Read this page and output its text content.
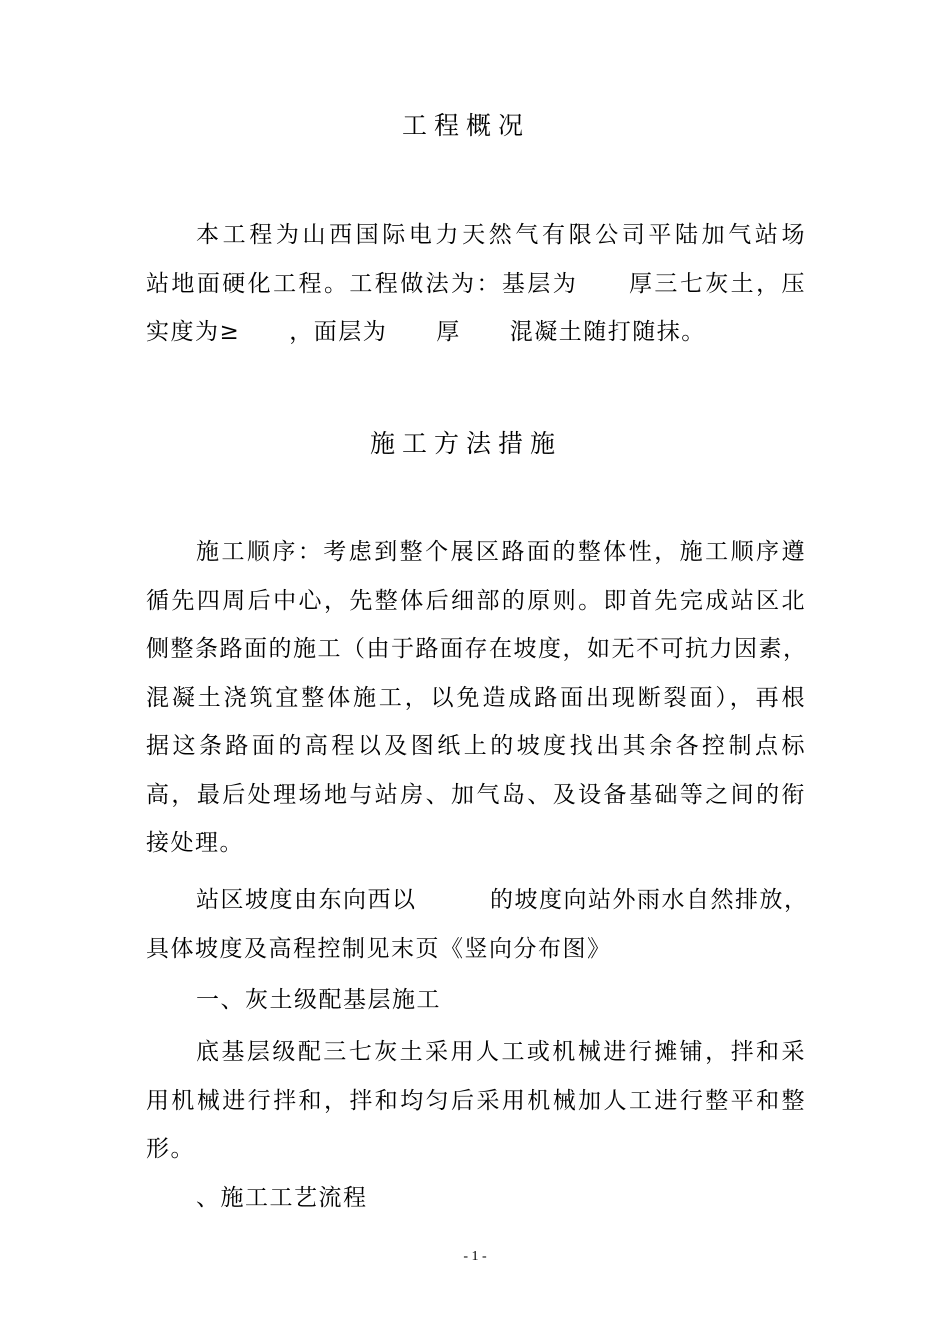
工程概况

本工程为山西国际电力天然气有限公司平陆加气站场
站地面硬化工程。工程做法为：基层为　　厚三七灰土，压
实度为≥　　，面层为　　厚　　混凝土随打随抹。

施工方法措施

施工顺序：考虑到整个展区路面的整体性，施工顺序遵
循先四周后中心，先整体后细部的原则。即首先完成站区北
侧整条路面的施工（由于路面存在坡度，如无不可抗力因素，
混凝土浇筑宜整体施工，以免造成路面出现断裂面），再根
据这条路面的高程以及图纸上的坡度找出其余各控制点标
高，最后处理场地与站房、加气岛、及设备基础等之间的衔
接处理。

站区坡度由东向西以　　　的坡度向站外雨水自然排放，
具体坡度及高程控制见末页《竖向分布图》

一、灰土级配基层施工

底基层级配三七灰土采用人工或机械进行摊铺，拌和采
用机械进行拌和，拌和均匀后采用机械加人工进行整平和整
形。

、施工工艺流程

- 1 -
